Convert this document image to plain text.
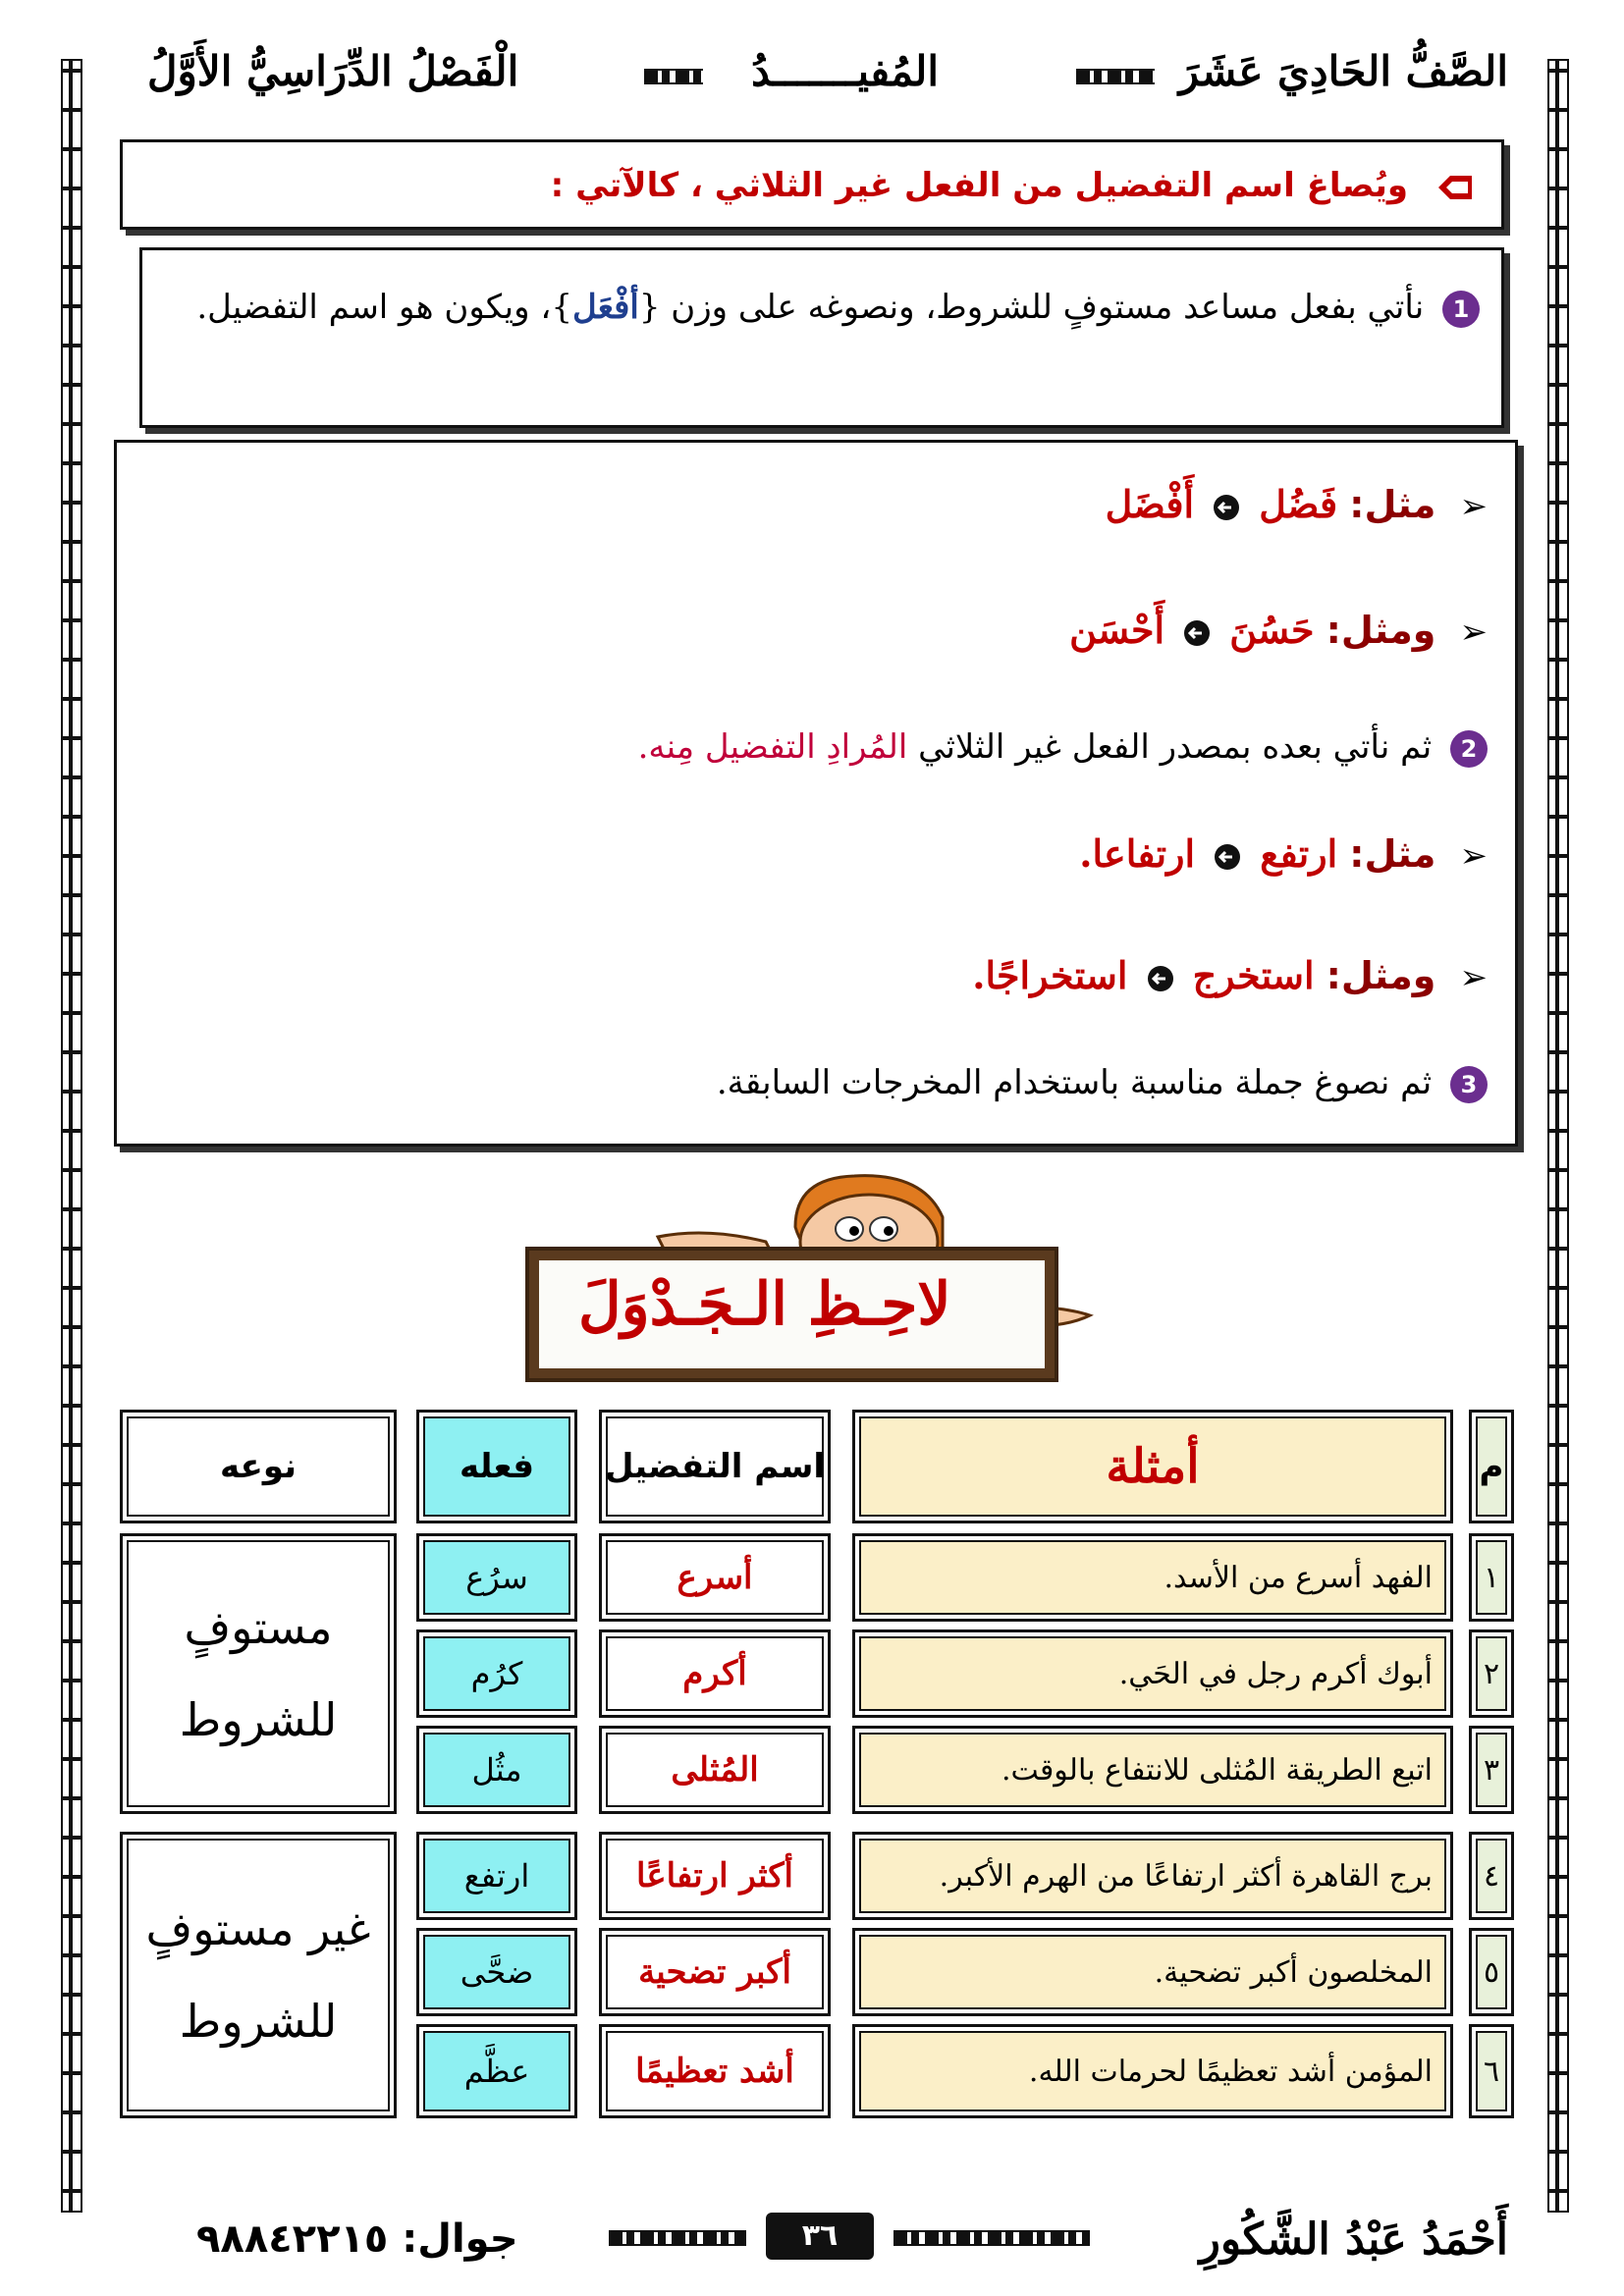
الصَّفُّ الحَادِيَ عَشَرَ
المُفيـــــــدُ
الْفَصْلُ الدِّرَاسِيُّ الأَوَّلُ
ويُصاغ اسم التفضيل من الفعل غير الثلاثي ، كالآتي :
1 نأتي بفعل مساعد مستوفٍ للشروط، ونصوغه على وزن {أفْعَل}، ويكون هو اسم التفضيل.
➢ مثل: فَضُل  أَفْضَل
➢ ومثل: حَسُنَ  أَحْسَن
2 ثم نأتي بعده بمصدر الفعل غير الثلاثي المُرادِ التفضيل مِنه.
➢ مثل: ارتفع  ارتفاعا.
➢ ومثل: استخرج  استخراجًا.
3 ثم نصوغ جملة مناسبة باستخدام المخرجات السابقة.
لاحِـظِ الـجَـدْوَلَ
م
أمثلة
اسم التفضيل
فعله
نوعه
١
الفهد أسرع من الأسد.
أسرع
سرُع
٢
أبوك أكرم رجل في الحَي.
أكرم
كرُم
٣
اتبع الطريقة المُثلى للانتفاع بالوقت.
المُثلى
مثُل
٤
برج القاهرة أكثر ارتفاعًا من الهرم الأكبر.
أكثر ارتفاعًا
ارتفع
٥
المخلصون أكبر تضحية.
أكبر تضحية
ضحَّى
٦
المؤمن أشد تعظيمًا لحرمات الله.
أشد تعظيمًا
عظَّم
مستوفٍ
للشروط
غير مستوفٍ
للشروط
أَحْمَدُ عَبْدُ الشَّكُورِ
٣٦
جوال: ٩٨٨٤٢٢١٥
